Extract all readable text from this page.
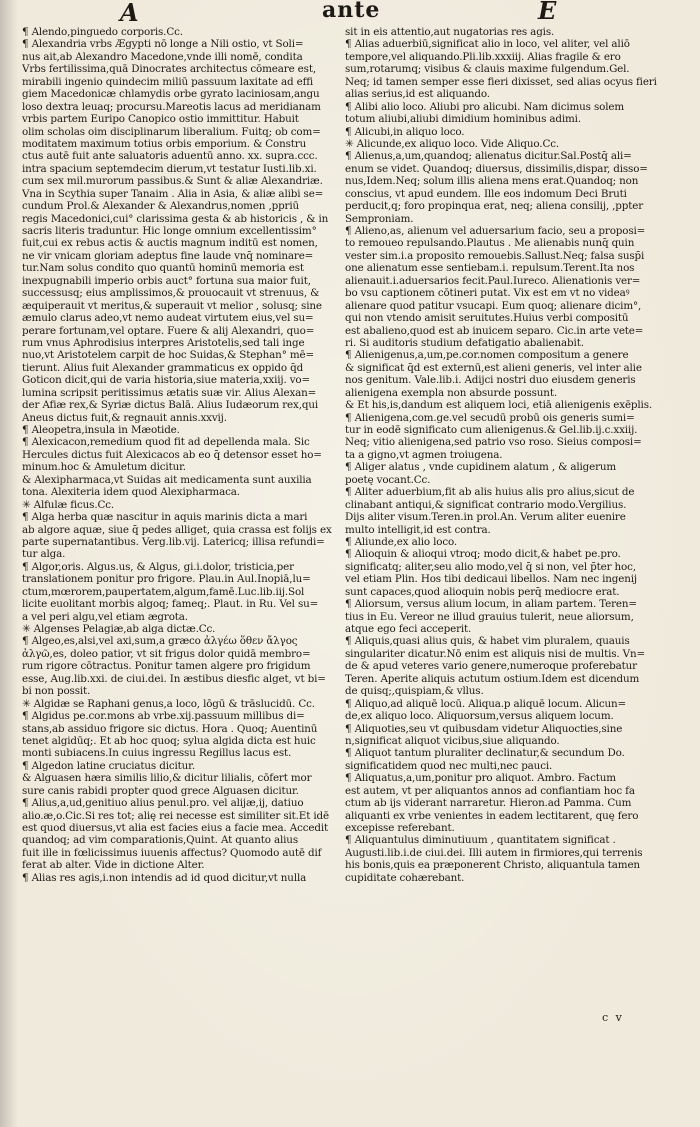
A	ante	E
¶ Alendo,pinguedo corporis.Cc.
¶ Alexandria vrbs Ægypti nō longe a Nili ostio, vt Soli=
nus ait,ab Alexandro Macedone,vnde illi nomē, condita
Vrbs fertilissima,quā Dinocrates architectus cōmeare est,
mirabili ingenio quindecim miliū passuum laxitate ad effi
giem Macedonicæ chlamydis orbe gyrato laciniosam,angu
loso dextra leuaq; procursu.Mareotis lacus ad meridianam
vrbis partem Euripo Canopico ostio immittitur. Habuit
olim scholas oim disciplinarum liberalium. Fuitq; ob com=
moditatem maximum totius orbis emporium. & Constru
ctus autē fuit ante saluatoris aduentū anno. xx. supra.ccc.
intra spacium septemdecim dierum,vt testatur Iusti.lib.xi.
cum sex mil.murorum passibus.& Sunt & aliæ Alexandriæ.
Vna in Scythia super Tanaim . Alia in Asia, & aliæ alibi se=
cundum Prol.& Alexander & Alexandrus,nomen ,ppriū
regis Macedonici,cui° clarissima gesta & ab historicis , & in
sacris literis traduntur. Hic longe omnium excellentissim°
fuit,cui ex rebus actis & auctis magnum inditū est nomen,
ne vir vnicam gloriam adeptus fine laude vnq̄ nominare=
tur.Nam solus condito quo quantū hominū memoria est
inexpugnabili imperio orbis auct° fortuna sua maior fuit,
successusq; eius amplissimos,& prouocauit vt strenuus, &
æquiperauit vt meritus,& superauit vt melior , solusq; sine
æmulo clarus adeo,vt nemo audeat virtutem eius,vel su=
perare fortunam,vel optare. Fuere & alij Alexandri, quo=
rum vnus Aphrodisius interpres Aristotelis,sed tali inge
nuo,vt Aristotelem carpit de hoc Suidas,& Stephan° mē=
tierunt. Alius fuit Alexander grammaticus ex oppido q̄d
Goticon dicit,qui de varia historia,siue materia,xxiij. vo=
lumina scripsit peritissimus ætatis suæ vir. Alius Alexan=
der Afiæ rex,& Syriæ dictus Balā. Alius Iudæorum rex,qui
Aneus dictus fuit,& regnauit annis.xxvij.
¶ Aleopetra,insula in Mæotide.
¶ Alexicacon,remedium quod fit ad depellenda mala. Sic
Hercules dictus fuit Alexicacos ab eo q̄ detensor esset ho=
minum.hoc & Amuletum dicitur.
& Alexipharmaca,vt Suidas ait medicamenta sunt auxilia
tona. Alexiteria idem quod Alexipharmaca.
✳ Alfulæ ficus.Cc.
¶ Alga herba quæ nascitur in aquis marinis dicta a mari
ab algore aquæ, siue q̄ pedes alliget, quia crassa est folijs ex
parte supernatantibus. Verg.lib.vij. Latericq; illisa refundi=
tur alga.
¶ Algor,oris. Algus.us, & Algus, gi.i.dolor, tristicia,per
translationem ponitur pro frigore. Plau.in Aul.Inopiā,lu=
ctum,mœrorem,paupertatem,algum,famē.Luc.lib.iij.Sol
licite euolitant morbis algoq; fameq;. Plaut. in Ru. Vel su=
a vel peri algu,vel etiam ægrota.
✳ Algenses Pelagiæ,ab alga dictæ.Cc.
¶ Algeo,es,alsi,vel axi,sum,a græco ἀλγέω ὅθεν ἄλγος
ἀλγῶ,es, doleo patior, vt sit frigus dolor quidā membro=
rum rigore cōtractus. Ponitur tamen algere pro frigidum
esse, Aug.lib.xxi. de ciui.dei. In æstibus diesfic alget, vt bi=
bi non possit.
✳ Algidæ se Raphani genus,a loco, lōgū & trāslucidū. Cc.
¶ Algidus pe.cor.mons ab vrbe.xij.passuum millibus di=
stans,ab assiduo frigore sic dictus. Hora . Quoq; Auentinū
tenet algidūq;. Et ab hoc quoq; sylua algida dicta est huic
monti subiacens.In cuius ingressu Regillus lacus est.
¶ Algedon latine cruciatus dicitur.
& Alguasen hæra similis lilio,& dicitur lilialis, cōfert mor
sure canis rabidi propter quod grece Alguasen dicitur.
¶ Alius,a,ud,genitiuo alius penul.pro. vel alijæ,ij, datiuo
alio.æ,o.Cic.Si res tot; alię rei necesse est similiter sit.Et idē
est quod diuersus,vt alia est facies eius a facie mea. Accedit
quandoq; ad vim comparationis,Quint. At quanto alius
fuit ille in fœlicissimus iuuenis affectus? Quomodo autē dif
ferat ab alter. Vide in dictione Alter.
¶ Alias res agis,i.non intendis ad id quod dicitur,vt nulla
sit in eis attentio,aut nugatorias res agis.
¶ Alias aduerbiū,significat alio in loco, vel aliter, vel aliō
tempore,vel aliquando.Pli.lib.xxxiij. Alias fragile & ero
sum,rotarumq; visibus & clauis maxime fulgendum.Gel.
Neq; id tamen semper esse fieri dixisset, sed alias ocyus fieri
alias serius,id est aliquando.
¶ Alibi alio loco. Aliubi pro alicubi. Nam dicimus solem
totum aliubi,aliubi dimidium hominibus adimi.
¶ Alicubi,in aliquo loco.
✳ Alicunde,ex aliquo loco. Vide Aliquo.Cc.
¶ Alienus,a,um,quandoq; alienatus dicitur.Sal.Postq̄ ali=
enum se videt. Quandoq; diuersus, dissimilis,dispar, disso=
nus,Idem.Neq; solum illis aliena mens erat.Quandoq; non
conscius, vt apud eundem. Ille eos indomum Deci Bruti
perducit,q; foro propinqua erat, neq; aliena consilij, ,ppter
Semproniam.
¶ Alieno,as, alienum vel aduersarium facio, seu a proposi=
to remoueo repulsando.Plautus . Me alienabis nunq̄ quin
vester sim.i.a proposito remouebis.Sallust.Neq; falsa susp̄i
one alienatum esse sentiebam.i. repulsum.Terent.Ita nos
alienauit.i.aduersarios fecit.Paul.Iureco. Alienationis ver=
bo vsu captionem cōtineri putat. Vix est em vt no videaꝰ
alienare quod patitur vsucapi. Eum quoq; alienare dicim°,
qui non vtendo amisit seruitutes.Huius verbi compositū
est abalieno,quod est ab inuicem separo. Cic.in arte vete=
ri. Si auditoris studium defatigatio abalienabit.
¶ Alienigenus,a,um,pe.cor.nomen compositum a genere
& significat q̄d est externū,est alieni generis, vel inter alie
nos genitum. Vale.lib.i. Adijci nostri duo eiusdem generis
alienigena exempla non absurde possunt.
& Et his,is,dandum est aliquem loci, etiā alienigenis exēplis.
¶ Alienigena,com.ge.vel secudū probū ois generis sumi=
tur in eodē significato cum alienigenus.& Gel.lib.ij.c.xxiij.
Neq; vitio alienigena,sed patrio vso roso. Sieius composi=
ta a gigno,vt agmen troiugena.
¶ Aliger alatus , vnde cupidinem alatum , & aligerum
poetę vocant.Cc.
¶ Aliter aduerbium,fit ab alis huius alis pro alius,sicut de
clinabant antiqui,& significat contrario modo.Vergilius.
Dijs aliter visum.Teren.in prol.An. Verum aliter euenire
multo intelligit,id est contra.
¶ Aliunde,ex alio loco.
¶ Alioquin & alioqui vtroq; modo dicit,& habet pe.pro.
significatq; aliter,seu alio modo,vel q̄ si non, vel p̄ter hoc,
vel etiam Plin. Hos tibi dedicaui libellos. Nam nec ingenij
sunt capaces,quod alioquin nobis perq̄ mediocre erat.
¶ Aliorsum, versus alium locum, in aliam partem. Teren=
tius in Eu. Vereor ne illud grauius tulerit, neue aliorsum,
atque ego feci acceperit.
¶ Aliquis,quasi alius quis, & habet vim pluralem, quauis
singulariter dicatur.Nō enim est aliquis nisi de multis. Vn=
de & apud veteres vario genere,numeroque proferebatur
Teren. Aperite aliquis actutum ostium.Idem est dicendum
de quisq;,quispiam,& vllus.
¶ Aliquo,ad aliquē locū. Aliqua.p aliquē locum. Alicun=
de,ex aliquo loco. Aliquorsum,versus aliquem locum.
¶ Aliquoties,seu vt quibusdam videtur Aliquocties,sine
n,significat aliquot vicibus,siue aliquando.
¶ Aliquot tantum pluraliter declinatur,& secundum Do.
significatidem quod nec multi,nec pauci.
¶ Aliquatus,a,um,ponitur pro aliquot. Ambro. Factum
est autem, vt per aliquantos annos ad confiantiam hoc fa
ctum ab ijs viderant narraretur. Hieron.ad Pamma. Cum
aliquanti ex vrbe venientes in eadem lectitarent, quę fero
excepisse referebant.
¶ Aliquantulus diminutiuum , quantitatem significat .
Augusti.lib.i.de ciui.dei. Illi autem in firmiores,qui terrenis
his bonis,quis ea præponerent Christo, aliquantula tamen
cupiditate cohærebant.
c v
